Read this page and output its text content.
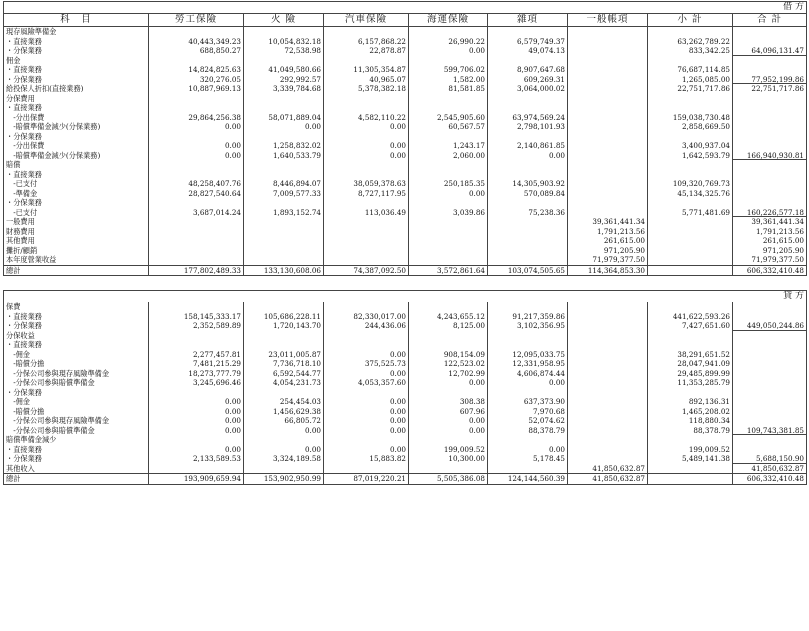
								借 方
科　目	勞工保險	火 險	汽車保險	海運保險	雜項	一般帳項	小 計	合 計
現存風險準備金								
・直接業務	40,443,349.23	10,054,832.18	6,157,868.22	26,990.22	6,579,749.37		63,262,789.22	
・分保業務	688,850.27	72,538.98	22,878.87	0.00	49,074.13		833,342.25	64,096,131.47
佣金								
・直接業務	14,824,825.63	41,049,580.66	11,305,354.87	599,706.02	8,907,647.68		76,687,114.85	
・分保業務	320,276.05	292,992.57	40,965.07	1,582.00	609,269.31		1,265,085.00	77,952,199.86
給投保人折扣(直接業務)	10,887,969.13	3,339,784.68	5,378,382.18	81,581.85	3,064,000.02		22,751,717.86	22,751,717.86
分保費用								
・直接業務								
　-分出保費	29,864,256.38	58,071,889.04	4,582,110.22	2,545,905.60	63,974,569.24		159,038,730.48	
　-賠償準備金減少(分保業務)	0.00	0.00	0.00	60,567.57	2,798,101.93		2,858,669.50	
・分保業務								
　-分出保費	0.00	1,258,832.02	0.00	1,243.17	2,140,861.85		3,400,937.04	
　-賠償準備金減少(分保業務)	0.00	1,640,533.79	0.00	2,060.00	0.00		1,642,593.79	166,940,930.81
賠償								
・直接業務								
　-已支付	48,258,407.76	8,446,894.07	38,059,378.63	250,185.35	14,305,903.92		109,320,769.73	
　-準備金	28,827,540.64	7,009,577.33	8,727,117.95	0.00	570,089.84		45,134,325.76	
・分保業務								
　-已支付	3,687,014.24	1,893,152.74	113,036.49	3,039.86	75,238.36		5,771,481.69	160,226,577.18
一般費用						39,361,441.34		39,361,441.34
財務費用						1,791,213.56		1,791,213.56
其他費用						261,615.00		261,615.00
攤折/顧銷						971,205.90		971,205.90
本年度營業收益						71,979,377.50		71,979,377.50
總計	177,802,489.33	133,130,608.06	74,387,092.50	3,572,861.64	103,074,505.65	114,364,853.30		606,332,410.48
								貸 方
保費								
・直接業務	158,145,333.17	105,686,228.11	82,330,017.00	4,243,655.12	91,217,359.86		441,622,593.26	
・分保業務	2,352,589.89	1,720,143.70	244,436.06	8,125.00	3,102,356.95		7,427,651.60	449,050,244.86
分保收益								
・直接業務								
　-佣金	2,277,457.81	23,011,005.87	0.00	908,154.09	12,095,033.75		38,291,651.52	
　-賠償分擔	7,481,215.29	7,736,718.10	375,525.73	122,523.02	12,331,958.95		28,047,941.09	
　-分保公司參與現存風險準備金	18,273,777.79	6,592,544.77	0.00	12,702.99	4,606,874.44		29,485,899.99	
　-分保公司參與賠償準備金	3,245,696.46	4,054,231.73	4,053,357.60	0.00	0.00		11,353,285.79	
・分保業務								
　-佣金	0.00	254,454.03	0.00	308.38	637,373.90		892,136.31	
　-賠償分擔	0.00	1,456,629.38	0.00	607.96	7,970.68		1,465,208.02	
　-分保公司參與現存風險準備金	0.00	66,805.72	0.00	0.00	52,074.62		118,880.34	
　-分保公司參與賠償準備金	0.00	0.00	0.00	0.00	88,378.79		88,378.79	109,743,381.85
賠償準備金減少								
・直接業務	0.00	0.00	0.00	199,009.52	0.00		199,009.52	
・分保業務	2,133,589.53	3,324,189.58	15,883.82	10,300.00	5,178.45		5,489,141.38	5,688,150.90
其他收入						41,850,632.87		41,850,632.87
總計	193,909,659.94	153,902,950.99	87,019,220.21	5,505,386.08	124,144,560.39	41,850,632.87		606,332,410.48
